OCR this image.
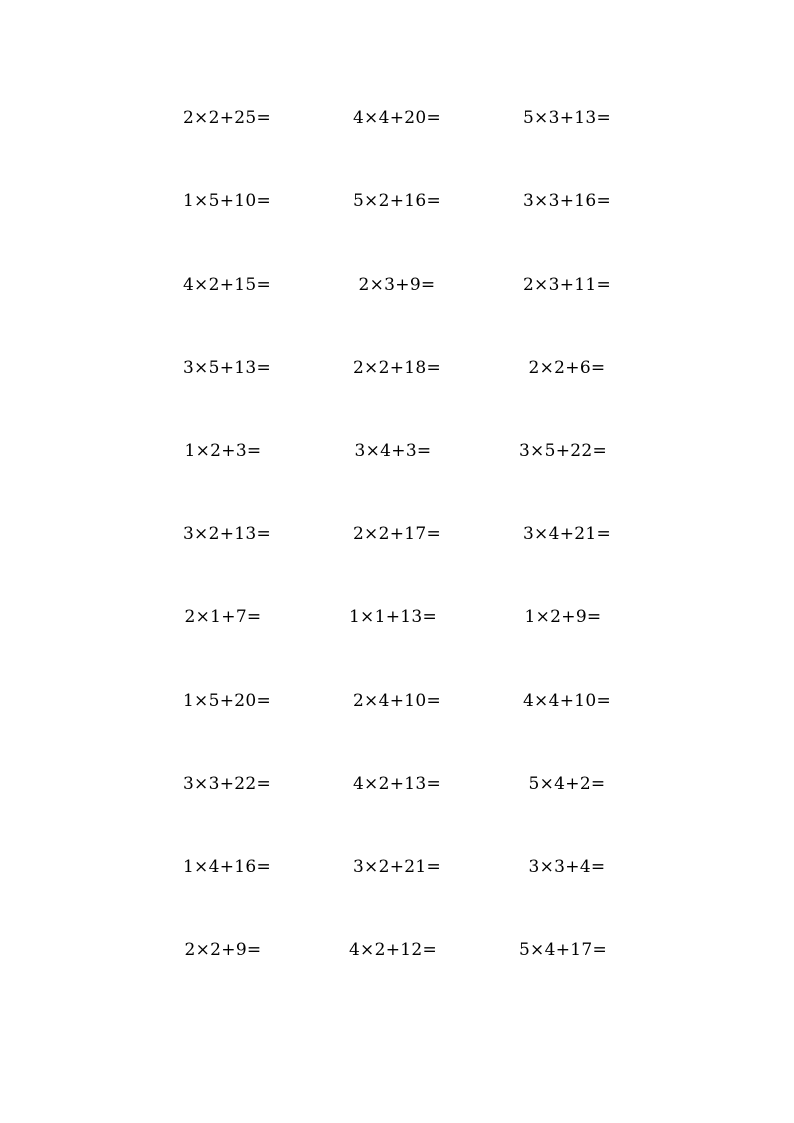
2×2+25=	4×4+20=	5×3+13=
1×5+10=	5×2+16=	3×3+16=
4×2+15=	2×3+9=	2×3+11=
3×5+13=	2×2+18=	2×2+6=
1×2+3=	3×4+3=	3×5+22=
3×2+13=	2×2+17=	3×4+21=
2×1+7=	1×1+13=	1×2+9=
1×5+20=	2×4+10=	4×4+10=
3×3+22=	4×2+13=	5×4+2=
1×4+16=	3×2+21=	3×3+4=
2×2+9=	4×2+12=	5×4+17=
